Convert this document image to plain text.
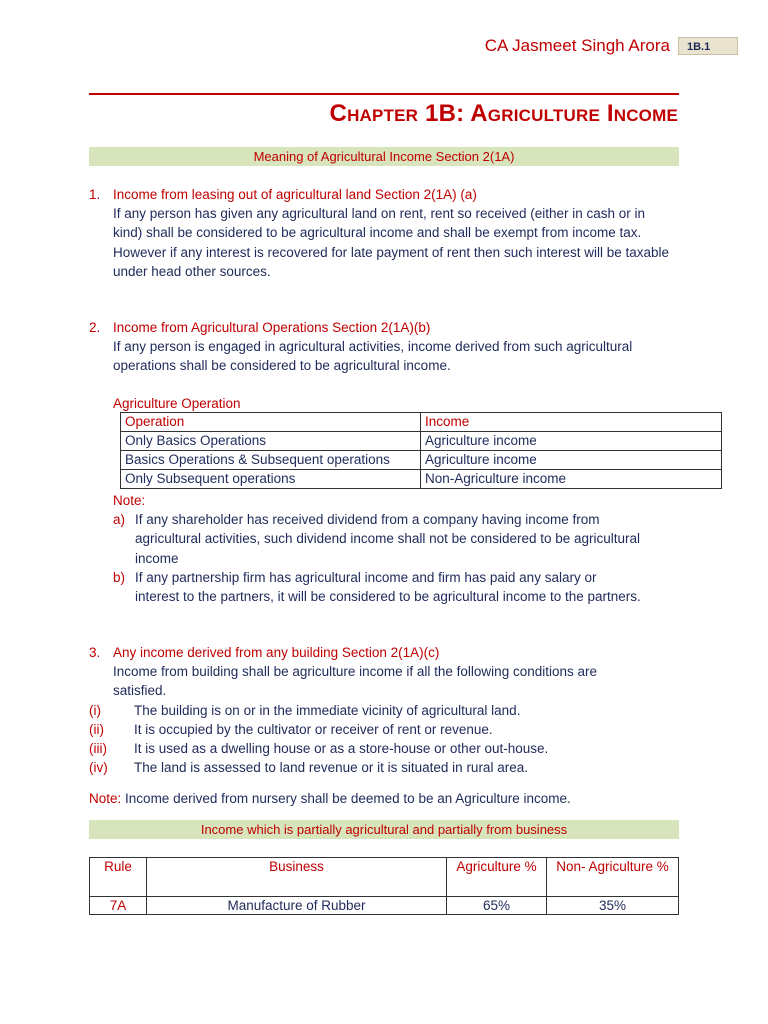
CA Jasmeet Singh Arora	1B.1
Chapter 1B: Agriculture Income
Meaning of Agricultural Income Section 2(1A)
1. Income from leasing out of agricultural land Section 2(1A) (a)
If any person has given any agricultural land on rent, rent so received (either in cash or in kind) shall be considered to be agricultural income and shall be exempt from income tax.
However if any interest is recovered for late payment of rent then such interest will be taxable under head other sources.
2. Income from Agricultural Operations Section 2(1A)(b)
If any person is engaged in agricultural activities, income derived from such agricultural operations shall be considered to be agricultural income.
Agriculture Operation
Operation	Income
Only Basics Operations	Agriculture income
Basics Operations & Subsequent operations	Agriculture income
Only Subsequent operations	Non-Agriculture income
Note:
a) If any shareholder has received dividend from a company having income from agricultural activities, such dividend income shall not be considered to be agricultural income
b) If any partnership firm has agricultural income and firm has paid any salary or interest to the partners, it will be considered to be agricultural income to the partners.
3. Any income derived from any building Section 2(1A)(c)
Income from building shall be agriculture income if all the following conditions are satisfied.
(i)	The building is on or in the immediate vicinity of agricultural land.
(ii)	It is occupied by the cultivator or receiver of rent or revenue.
(iii)	It is used as a dwelling house or as a store-house or other out-house.
(iv)	The land is assessed to land revenue or it is situated in rural area.
Note: Income derived from nursery shall be deemed to be an Agriculture income.
Income which is partially agricultural and partially from business
Rule	Business	Agriculture %	Non- Agriculture %
7A	Manufacture of Rubber	65%	35%
